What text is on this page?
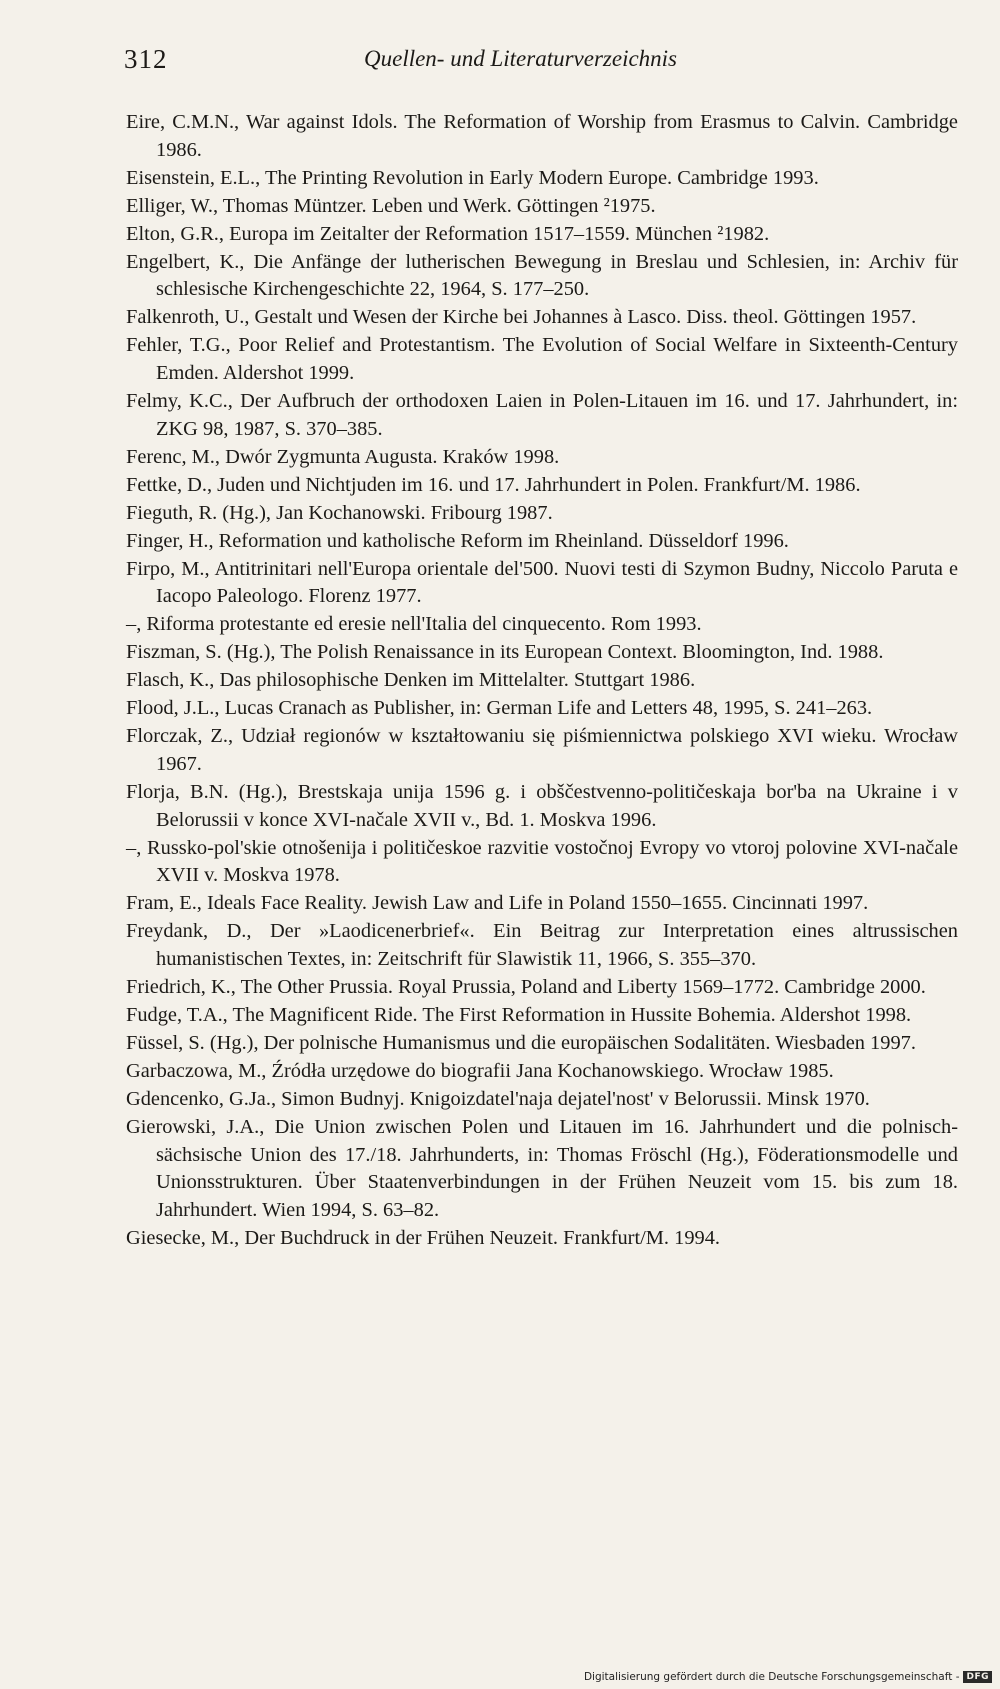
312	Quellen- und Literaturverzeichnis

Eire, C.M.N., War against Idols. The Reformation of Worship from Erasmus to Calvin. Cambridge 1986.

Eisenstein, E.L., The Printing Revolution in Early Modern Europe. Cambridge 1993.

Elliger, W., Thomas Müntzer. Leben und Werk. Göttingen ²1975.

Elton, G.R., Europa im Zeitalter der Reformation 1517–1559. München ²1982.

Engelbert, K., Die Anfänge der lutherischen Bewegung in Breslau und Schlesien, in: Archiv für schlesische Kirchengeschichte 22, 1964, S. 177–250.

Falkenroth, U., Gestalt und Wesen der Kirche bei Johannes à Lasco. Diss. theol. Göttingen 1957.

Fehler, T.G., Poor Relief and Protestantism. The Evolution of Social Welfare in Sixteenth-Century Emden. Aldershot 1999.

Felmy, K.C., Der Aufbruch der orthodoxen Laien in Polen-Litauen im 16. und 17. Jahrhundert, in: ZKG 98, 1987, S. 370–385.

Ferenc, M., Dwór Zygmunta Augusta. Kraków 1998.

Fettke, D., Juden und Nichtjuden im 16. und 17. Jahrhundert in Polen. Frankfurt/M. 1986.

Fieguth, R. (Hg.), Jan Kochanowski. Fribourg 1987.

Finger, H., Reformation und katholische Reform im Rheinland. Düsseldorf 1996.

Firpo, M., Antitrinitari nell'Europa orientale del'500. Nuovi testi di Szymon Budny, Niccolo Paruta e Iacopo Paleologo. Florenz 1977.

–, Riforma protestante ed eresie nell'Italia del cinquecento. Rom 1993.

Fiszman, S. (Hg.), The Polish Renaissance in its European Context. Bloomington, Ind. 1988.

Flasch, K., Das philosophische Denken im Mittelalter. Stuttgart 1986.

Flood, J.L., Lucas Cranach as Publisher, in: German Life and Letters 48, 1995, S. 241–263.

Florczak, Z., Udział regionów w kształtowaniu się piśmiennictwa polskiego XVI wieku. Wrocław 1967.

Florja, B.N. (Hg.), Brestskaja unija 1596 g. i obščestvenno-političeskaja bor'ba na Ukraine i v Belorussii v konce XVI-načale XVII v., Bd. 1. Moskva 1996.

–, Russko-pol'skie otnošenija i političeskoe razvitie vostočnoj Evropy vo vtoroj polovine XVI-načale XVII v. Moskva 1978.

Fram, E., Ideals Face Reality. Jewish Law and Life in Poland 1550–1655. Cincinnati 1997.

Freydank, D., Der »Laodicenerbrief«. Ein Beitrag zur Interpretation eines altrussischen humanistischen Textes, in: Zeitschrift für Slawistik 11, 1966, S. 355–370.

Friedrich, K., The Other Prussia. Royal Prussia, Poland and Liberty 1569–1772. Cambridge 2000.

Fudge, T.A., The Magnificent Ride. The First Reformation in Hussite Bohemia. Aldershot 1998.

Füssel, S. (Hg.), Der polnische Humanismus und die europäischen Sodalitäten. Wiesbaden 1997.

Garbaczowa, M., Źródła urzędowe do biografii Jana Kochanowskiego. Wrocław 1985.

Gdencenko, G.Ja., Simon Budnyj. Knigoizdatel'naja dejatel'nost' v Belorussii. Minsk 1970.

Gierowski, J.A., Die Union zwischen Polen und Litauen im 16. Jahrhundert und die polnisch-sächsische Union des 17./18. Jahrhunderts, in: Thomas Fröschl (Hg.), Föderationsmodelle und Unionsstrukturen. Über Staatenverbindungen in der Frühen Neuzeit vom 15. bis zum 18. Jahrhundert. Wien 1994, S. 63–82.

Giesecke, M., Der Buchdruck in der Frühen Neuzeit. Frankfurt/M. 1994.

Digitalisierung gefördert durch die Deutsche Forschungsgemeinschaft - DFG
